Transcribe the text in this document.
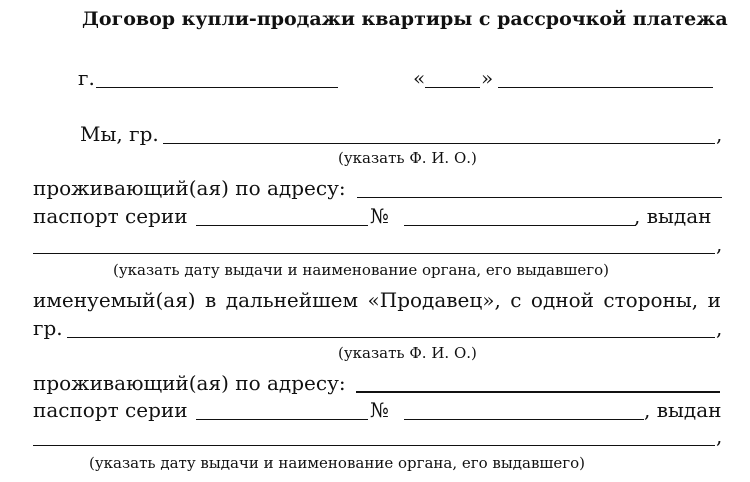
Договор купли-продажи квартиры с рассрочкой платежа
г.	«	»
Мы, гр.	,
(указать Ф. И. О.)
проживающий(ая) по адресу:
паспорт серии	№	, выдан
,
(указать дату выдачи и наименование органа, его выдавшего)
именуемый(ая) в дальнейшем «Продавец», с одной стороны, и
гр.	,
(указать Ф. И. О.)
проживающий(ая) по адресу:
паспорт серии	№	, выдан
,
(указать дату выдачи и наименование органа, его выдавшего)
